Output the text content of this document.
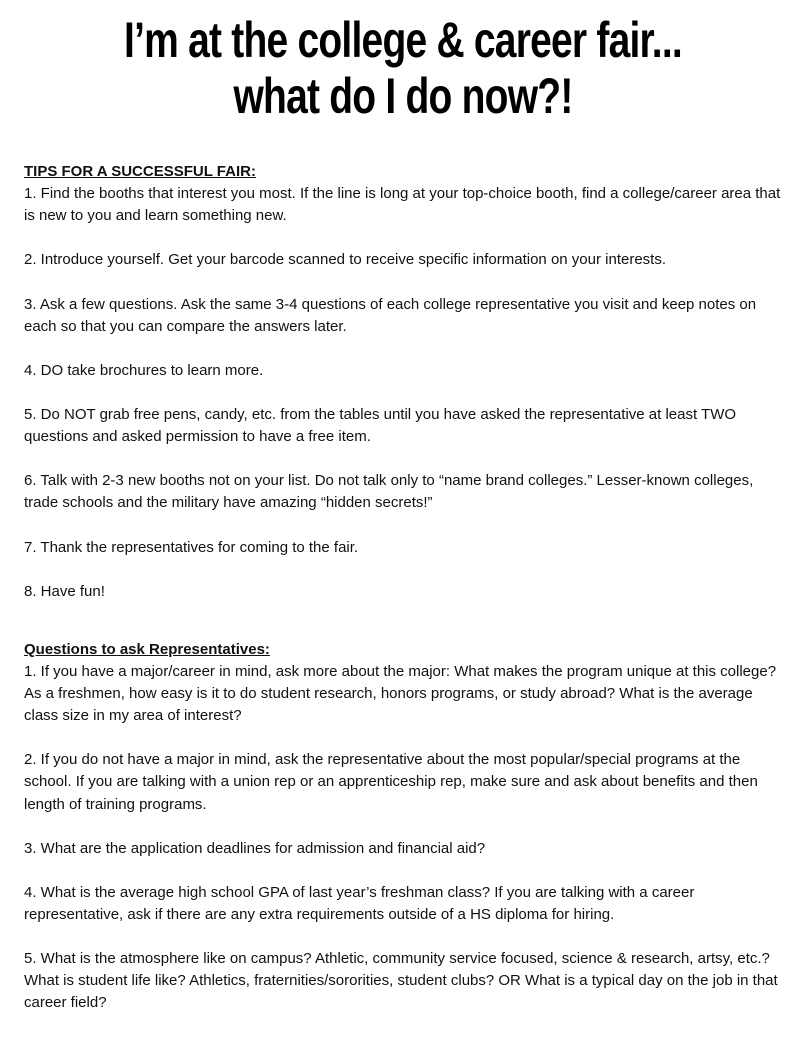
I’m at the college & career fair...
what do I do now?!

TIPS FOR A SUCCESSFUL FAIR:

1. Find the booths that interest you most. If the line is long at your top-choice booth, find a college/career area that is new to you and learn something new.

2. Introduce yourself. Get your barcode scanned to receive specific information on your interests.

3. Ask a few questions. Ask the same 3-4 questions of each college representative you visit and keep notes on each so that you can compare the answers later.

4. DO take brochures to learn more.

5. Do NOT grab free pens, candy, etc. from the tables until you have asked the representative at least TWO questions and asked permission to have a free item.

6. Talk with 2-3 new booths not on your list. Do not talk only to “name brand colleges.” Lesser-known colleges, trade schools and the military have amazing “hidden secrets!”

7. Thank the representatives for coming to the fair.

8. Have fun!

Questions to ask Representatives:

1. If you have a major/career in mind, ask more about the major: What makes the program unique at this college? As a freshmen, how easy is it to do student research, honors programs, or study abroad? What is the average class size in my area of interest?

2. If you do not have a major in mind, ask the representative about the most popular/special programs at the school. If you are talking with a union rep or an apprenticeship rep, make sure and ask about benefits and then length of training programs.

3. What are the application deadlines for admission and financial aid?

4. What is the average high school GPA of last year’s freshman class? If you are talking with a career representative, ask if there are any extra requirements outside of a HS diploma for hiring.

5. What is the atmosphere like on campus? Athletic, community service focused, science & research, artsy, etc.? What is student life like? Athletics, fraternities/sororities, student clubs? OR What is a typical day on the job in that career field?
